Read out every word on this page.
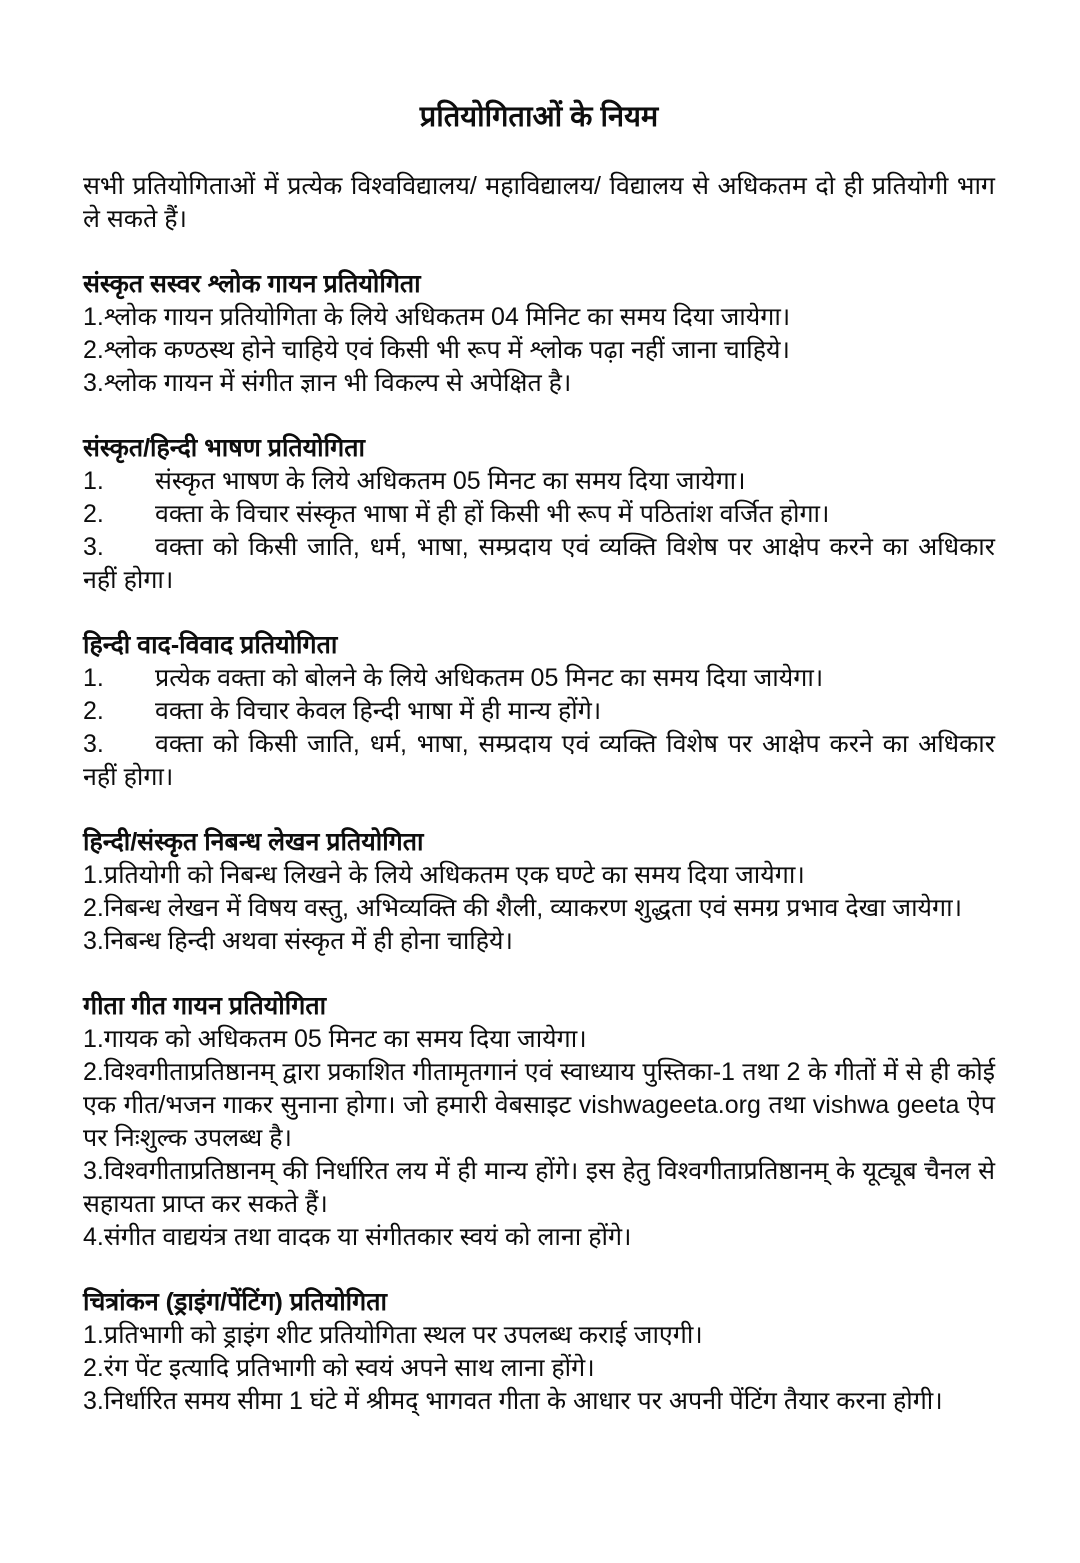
प्रतियोगिताओं के नियम

सभी प्रतियोगिताओं में प्रत्येक विश्वविद्यालय/ महाविद्यालय/ विद्यालय से अधिकतम दो ही प्रतियोगी भाग ले सकते हैं।

संस्कृत सस्वर श्लोक गायन प्रतियोगिता

1.श्लोक गायन प्रतियोगिता के लिये अधिकतम 04 मिनिट का समय दिया जायेगा।

2.श्लोक कण्ठस्थ होने चाहिये एवं किसी भी रूप में श्लोक पढ़ा नहीं जाना चाहिये।

3.श्लोक गायन में संगीत ज्ञान भी विकल्प से अपेक्षित है।

संस्कृत/हिन्दी भाषण प्रतियोगिता

1. संस्कृत भाषण के लिये अधिकतम 05 मिनट का समय दिया जायेगा।

2. वक्ता के विचार संस्कृत भाषा में ही हों किसी भी रूप में पठितांश वर्जित होगा।

3. वक्ता को किसी जाति, धर्म, भाषा, सम्प्रदाय एवं व्यक्ति विशेष पर आक्षेप करने का अधिकार नहीं होगा।

हिन्दी वाद-विवाद प्रतियोगिता

1. प्रत्येक वक्ता को बोलने के लिये अधिकतम 05 मिनट का समय दिया जायेगा।

2. वक्ता के विचार केवल हिन्दी भाषा में ही मान्य होंगे।

3. वक्ता को किसी जाति, धर्म, भाषा, सम्प्रदाय एवं व्यक्ति विशेष पर आक्षेप करने का अधिकार नहीं होगा।

हिन्दी/संस्कृत निबन्ध लेखन प्रतियोगिता

1.प्रतियोगी को निबन्ध लिखने के लिये अधिकतम एक घण्टे का समय दिया जायेगा।

2.निबन्ध लेखन में विषय वस्तु, अभिव्यक्ति की शैली, व्याकरण शुद्धता एवं समग्र प्रभाव देखा जायेगा।

3.निबन्ध हिन्दी अथवा संस्कृत में ही होना चाहिये।

गीता गीत गायन प्रतियोगिता

1.गायक को अधिकतम 05 मिनट का समय दिया जायेगा।

2.विश्वगीताप्रतिष्ठानम् द्वारा प्रकाशित गीतामृतगानं एवं स्वाध्याय पुस्तिका-1 तथा 2 के गीतों में से ही कोई एक गीत/भजन गाकर सुनाना होगा। जो हमारी वेबसाइट vishwageeta.org तथा vishwa geeta ऐप पर निःशुल्क उपलब्ध है।

3.विश्वगीताप्रतिष्ठानम् की निर्धारित लय में ही मान्य होंगे। इस हेतु विश्वगीताप्रतिष्ठानम् के यूट्यूब चैनल से सहायता प्राप्त कर सकते हैं।

4.संगीत वाद्ययंत्र तथा वादक या संगीतकार स्वयं को लाना होंगे।

चित्रांकन (ड्राइंग/पेंटिंग) प्रतियोगिता

1.प्रतिभागी को ड्राइंग शीट प्रतियोगिता स्थल पर उपलब्ध कराई जाएगी।

2.रंग पेंट इत्यादि प्रतिभागी को स्वयं अपने साथ लाना होंगे।

3.निर्धारित समय सीमा 1 घंटे में श्रीमद् भागवत गीता के आधार पर अपनी पेंटिंग तैयार करना होगी।
